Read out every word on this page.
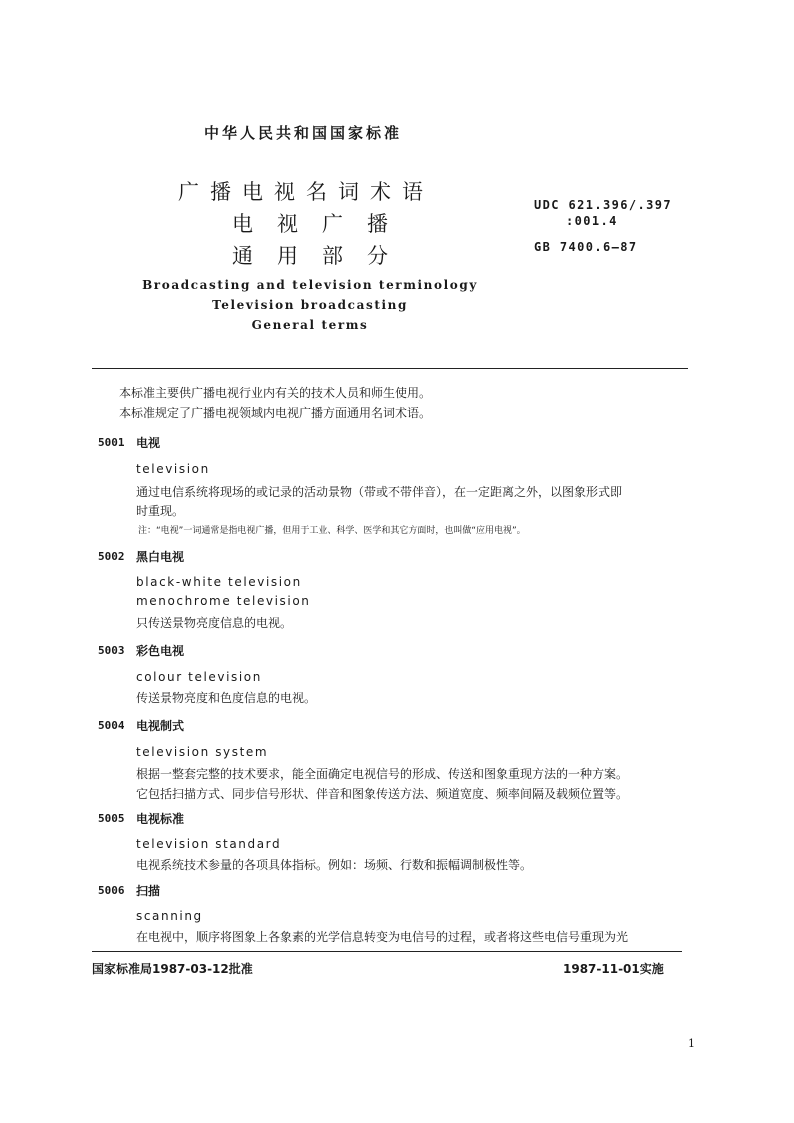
中华人民共和国国家标准
广播电视名词术语
电视广播
通用部分
UDC 621.396/.397
:001.4
GB 7400.6—87
Broadcasting and television terminology
Television broadcasting
General terms
本标准主要供广播电视行业内有关的技术人员和师生使用。
本标准规定了广播电视领域内电视广播方面通用名词术语。
5001 电视
television
通过电信系统将现场的或记录的活动景物（带或不带伴音），在一定距离之外，以图象形式即
时重现。
注：“电视”一词通常是指电视广播，但用于工业、科学、医学和其它方面时，也叫做“应用电视”。
5002 黑白电视
black-white television
menochrome television
只传送景物亮度信息的电视。
5003 彩色电视
colour television
传送景物亮度和色度信息的电视。
5004 电视制式
television system
根据一整套完整的技术要求，能全面确定电视信号的形成、传送和图象重现方法的一种方案。
它包括扫描方式、同步信号形状、伴音和图象传送方法、频道宽度、频率间隔及载频位置等。
5005 电视标准
television standard
电视系统技术参量的各项具体指标。例如：场频、行数和振幅调制极性等。
5006 扫描
scanning
在电视中，顺序将图象上各象素的光学信息转变为电信号的过程，或者将这些电信号重现为光
国家标准局1987-03-12批准	1987-11-01实施
1
